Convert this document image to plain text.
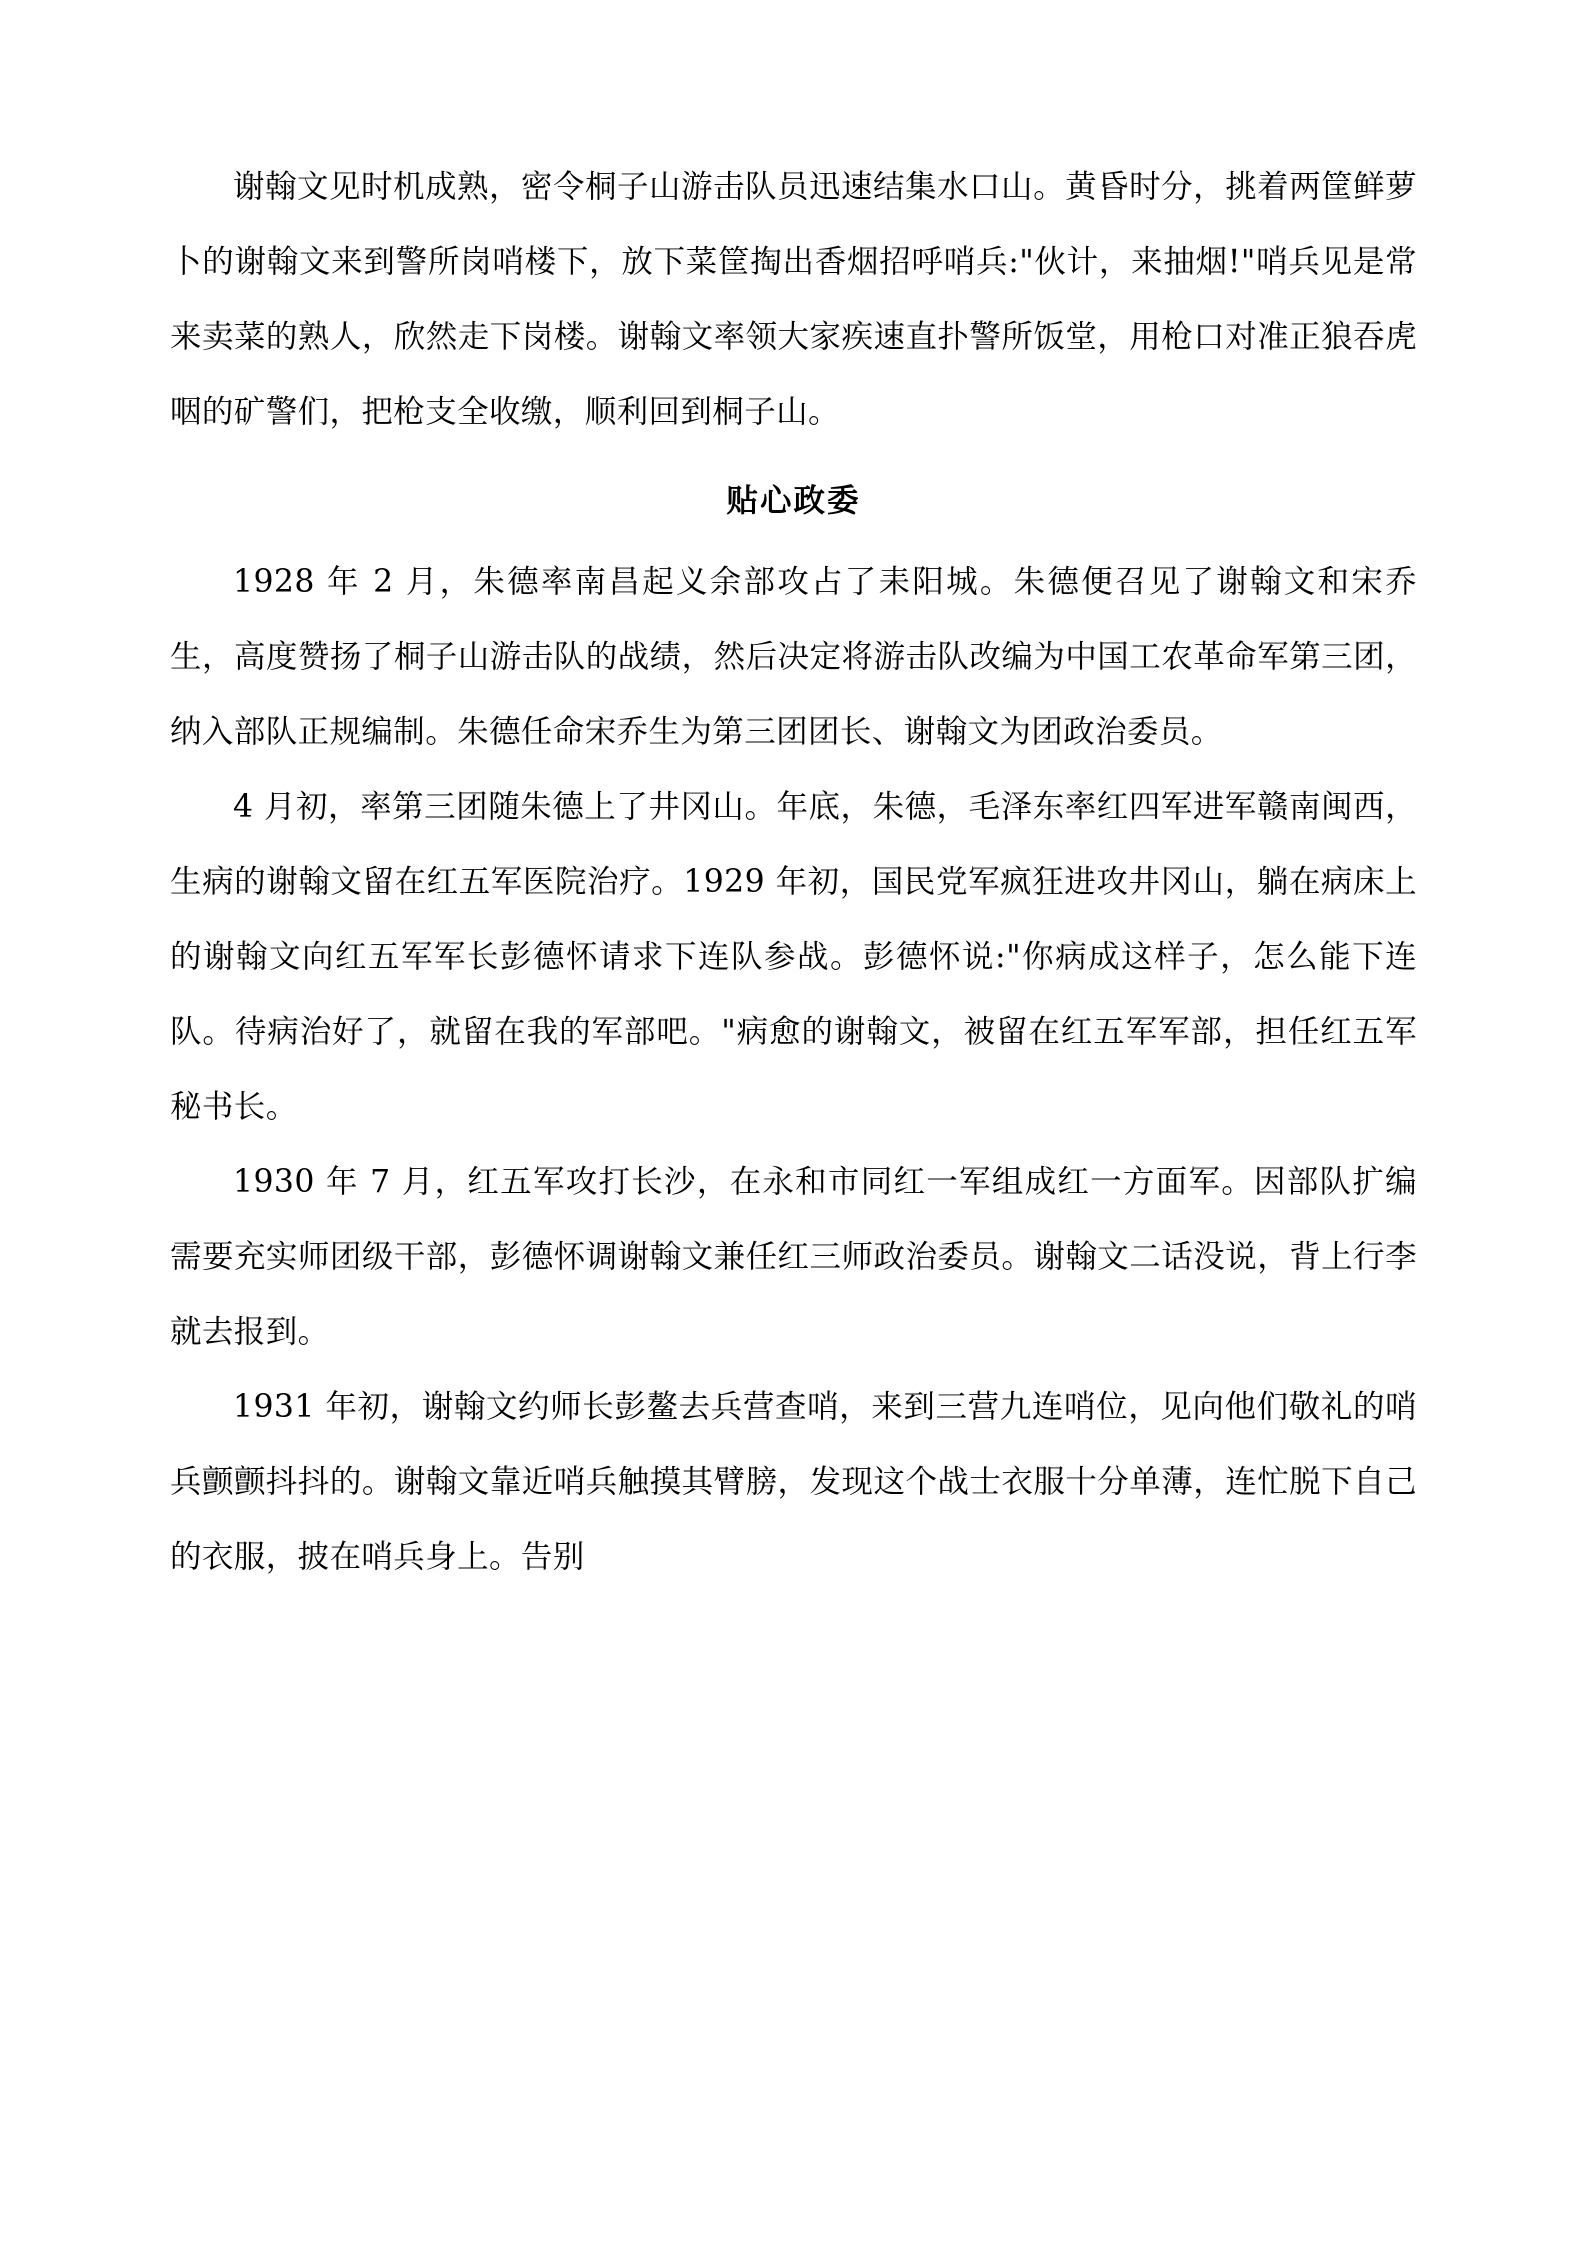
谢翰文见时机成熟，密令桐子山游击队员迅速结集水口山。黄昏时分，挑着两筐鲜萝卜的谢翰文来到警所岗哨楼下，放下菜筐掏出香烟招呼哨兵:"伙计，来抽烟!"哨兵见是常来卖菜的熟人，欣然走下岗楼。谢翰文率领大家疾速直扑警所饭堂，用枪口对准正狼吞虎咽的矿警们，把枪支全收缴，顺利回到桐子山。

贴心政委

1928 年 2 月，朱德率南昌起义余部攻占了耒阳城。朱德便召见了谢翰文和宋乔生，高度赞扬了桐子山游击队的战绩，然后决定将游击队改编为中国工农革命军第三团，纳入部队正规编制。朱德任命宋乔生为第三团团长、谢翰文为团政治委员。

4 月初，率第三团随朱德上了井冈山。年底，朱德，毛泽东率红四军进军赣南闽西，生病的谢翰文留在红五军医院治疗。1929 年初，国民党军疯狂进攻井冈山，躺在病床上的谢翰文向红五军军长彭德怀请求下连队参战。彭德怀说:"你病成这样子，怎么能下连队。待病治好了，就留在我的军部吧。"病愈的谢翰文，被留在红五军军部，担任红五军秘书长。

1930 年 7 月，红五军攻打长沙，在永和市同红一军组成红一方面军。因部队扩编需要充实师团级干部，彭德怀调谢翰文兼任红三师政治委员。谢翰文二话没说，背上行李就去报到。

1931 年初，谢翰文约师长彭鳌去兵营查哨，来到三营九连哨位，见向他们敬礼的哨兵颤颤抖抖的。谢翰文靠近哨兵触摸其臂膀，发现这个战士衣服十分单薄，连忙脱下自己的衣服，披在哨兵身上。告别
